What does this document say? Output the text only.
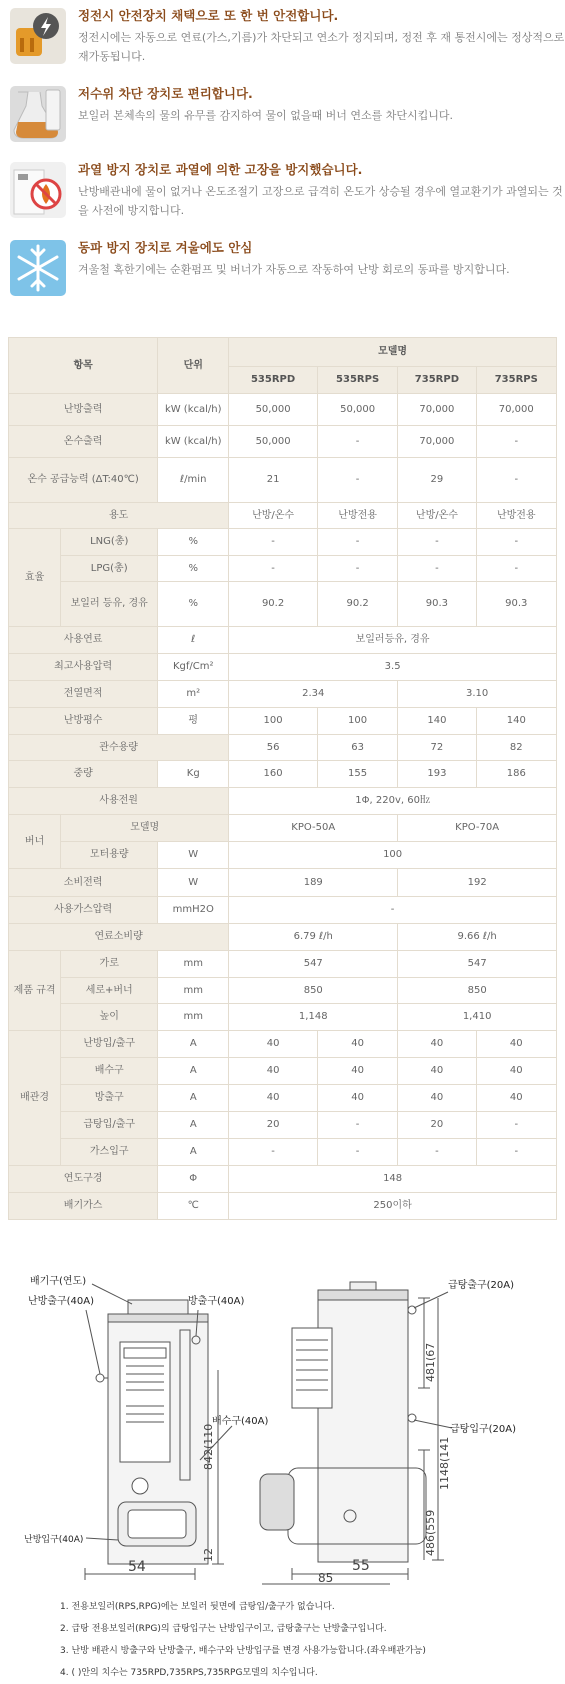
정전시 안전장치 채택으로 또 한 번 안전합니다.
정전시에는 자동으로 연료(가스,기름)가 차단되고 연소가 정지되며, 정전 후 재 통전시에는 정상적으로 재가동됩니다.
저수위 차단 장치로 편리합니다.
보일러 본체속의 물의 유무를 감지하여 물이 없을때 버너 연소를 차단시킵니다.
과열 방지 장치로 과열에 의한 고장을 방지했습니다.
난방배관내에 물이 없거나 온도조절기 고장으로 급격히 온도가 상승될 경우에 열교환기가 과열되는 것을 사전에 방지합니다.
동파 방지 장치로 겨울에도 안심
겨울철 혹한기에는 순환펌프 및 버너가 자동으로 작동하여 난방 회로의 동파를 방지합니다.
항목		단위	모델명			
			535RPD	535RPS	735RPD	735RPS
난방출력		kW (kcal/h)	50,000	50,000	70,000	70,000
온수출력		kW (kcal/h)	50,000	-	70,000	-
온수 공급능력 (ΔT:40℃)		ℓ/min	21	-	29	-
용도			난방/온수	난방전용	난방/온수	난방전용
효율	LNG(총)	%	-	-	-	-
	LPG(총)	%	-	-	-	-
	보일러 등유, 경유	%	90.2	90.2	90.3	90.3
사용연료		ℓ	보일러등유, 경유			
최고사용압력		Kgf/Cm²	3.5			
전열면적		m²	2.34		3.10	
난방평수		평	100	100	140	140
관수용량			56	63	72	82
중량		Kg	160	155	193	186
사용전원			1Φ, 220v, 60㎐			
버너	모델명		KPO-50A		KPO-70A	
	모터용량	W	100			
소비전력		W	189		192	
사용가스압력		mmH2O	-			
연료소비량			6.79 ℓ/h		9.66 ℓ/h	
제품 규격	가로	mm	547		547	
	세로+버너	mm	850		850	
	높이	mm	1,148		1,410	
배관경	난방입/출구	A	40	40	40	40
	배수구	A	40	40	40	40
	방출구	A	40	40	40	40
	급탕입/출구	A	20	-	20	-
	가스입구	A	-	-	-	-
연도구경		Φ	148			
배기가스		℃	250이하			
배기구(연도)
난방출구(40A)	방출구(40A)
배수구(40A)
난방입구(40A)
842(110
12
54
급탕출구(20A)
급탕입구(20A)
481(67
1148(141
486(559
55
85
1. 전용보일러(RPS,RPG)에는 보일러 뒷면에 급탕입/출구가 없습니다.
2. 급탕 전용보일러(RPG)의 급탕입구는 난방입구이고, 급탕출구는 난방출구입니다.
3. 난방 배관시 방출구와 난방출구, 배수구와 난방입구를 변경 사용가능합니다.(좌우배관가능)
4. ( )안의 치수는 735RPD,735RPS,735RPG모델의 치수입니다.
